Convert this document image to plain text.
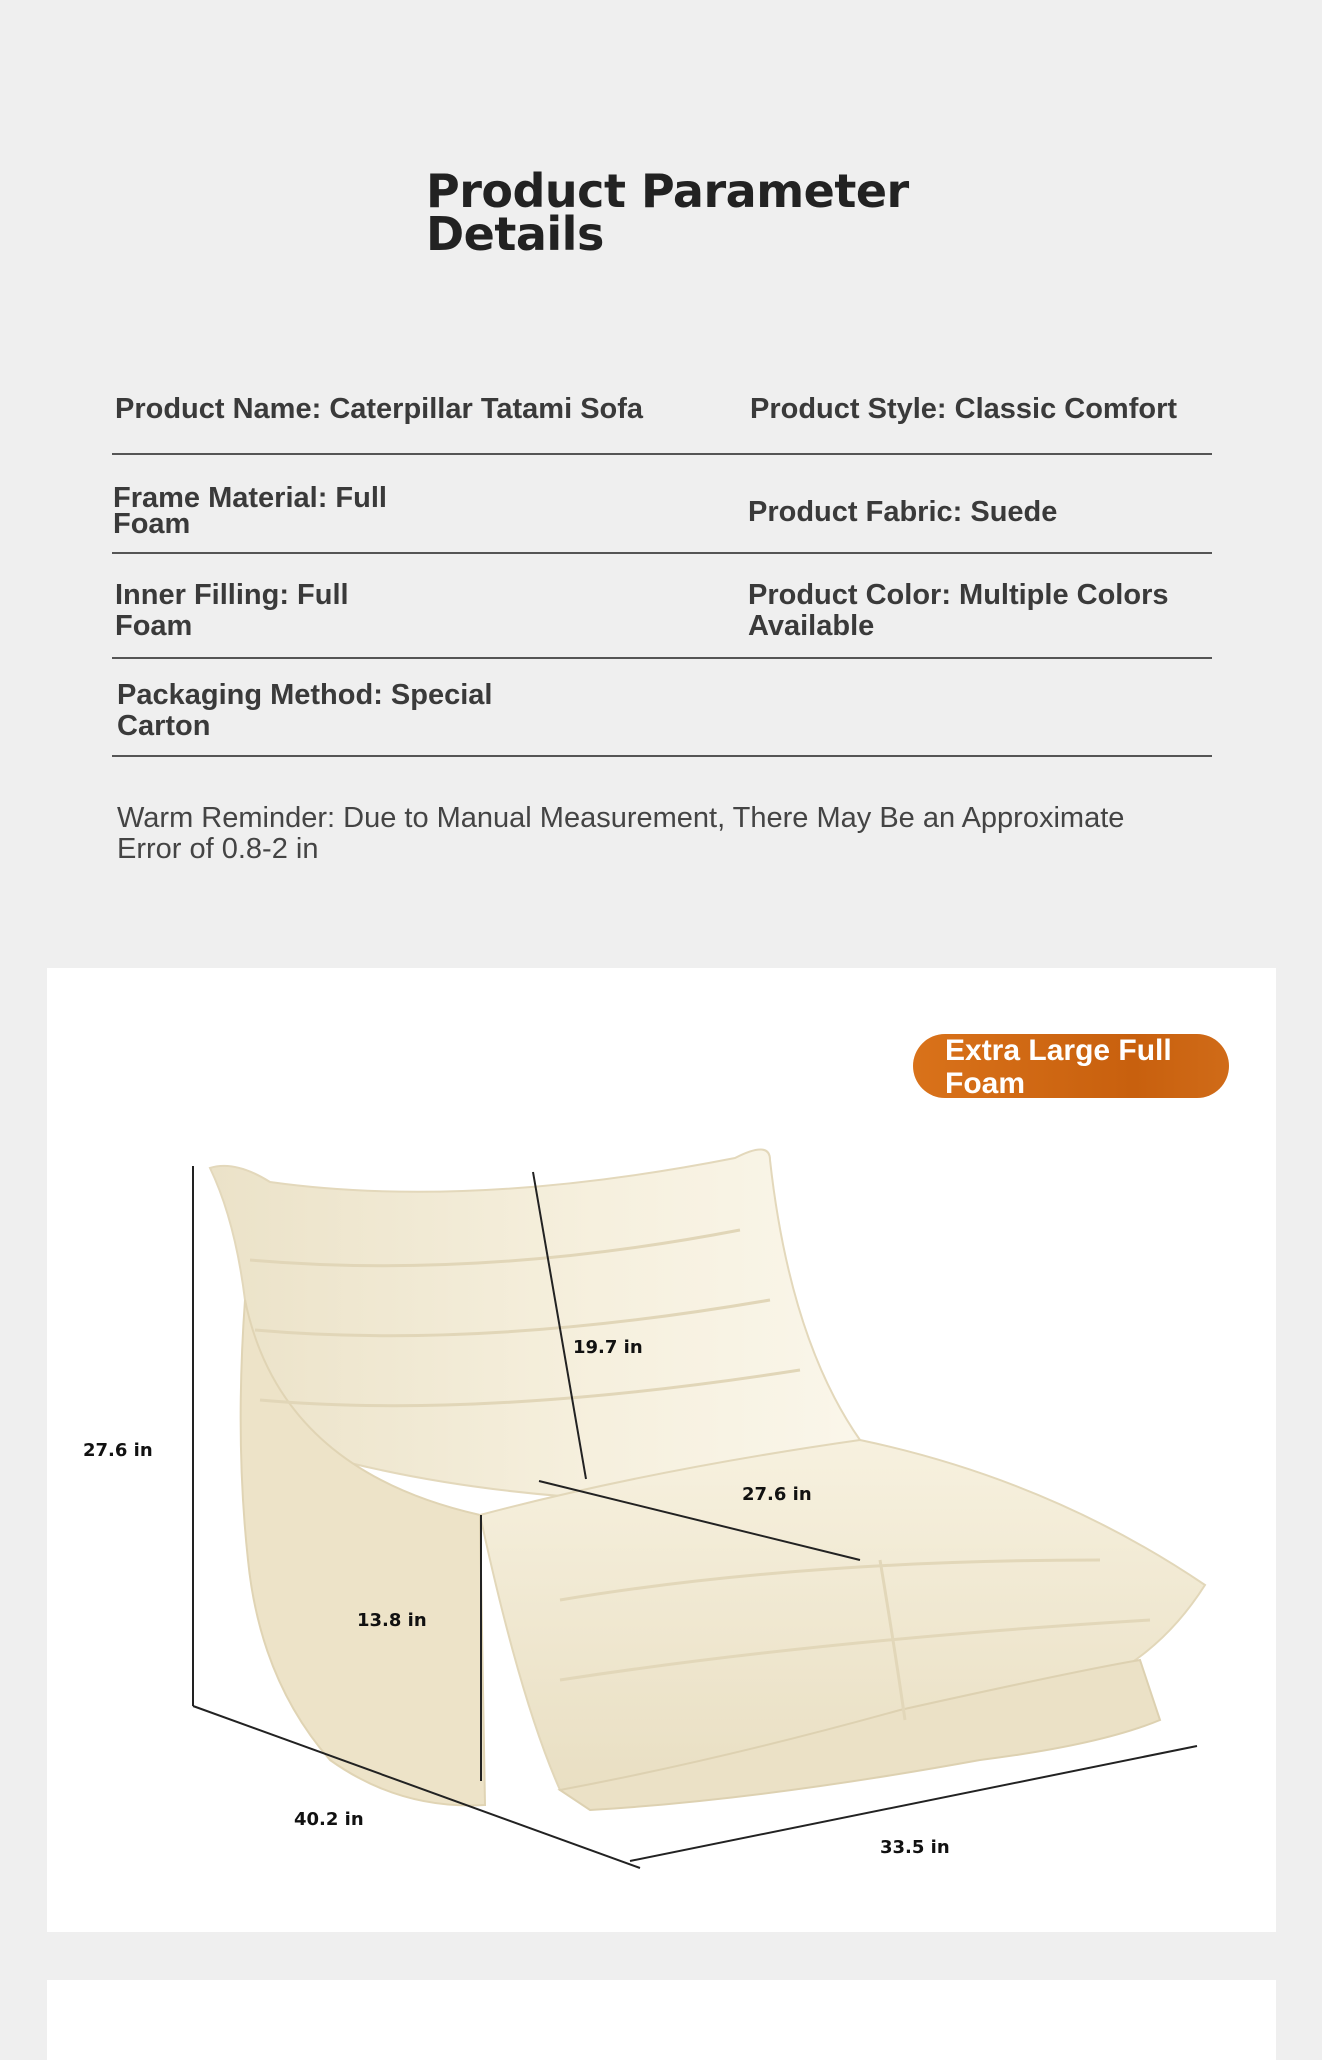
Product Parameter
Details
Product Name: Caterpillar Tatami Sofa	Product Style: Classic Comfort
Frame Material: Full
Foam	Product Fabric: Suede
Inner Filling: Full
Foam
Product Color: Multiple Colors
Available
Packaging Method: Special
Carton
Warm Reminder: Due to Manual Measurement, There May Be an Approximate
Error of 0.8-2 in
27.6 in
19.7 in
27.6 in
13.8 in
40.2 in
33.5 in
Extra Large Full
Foam
